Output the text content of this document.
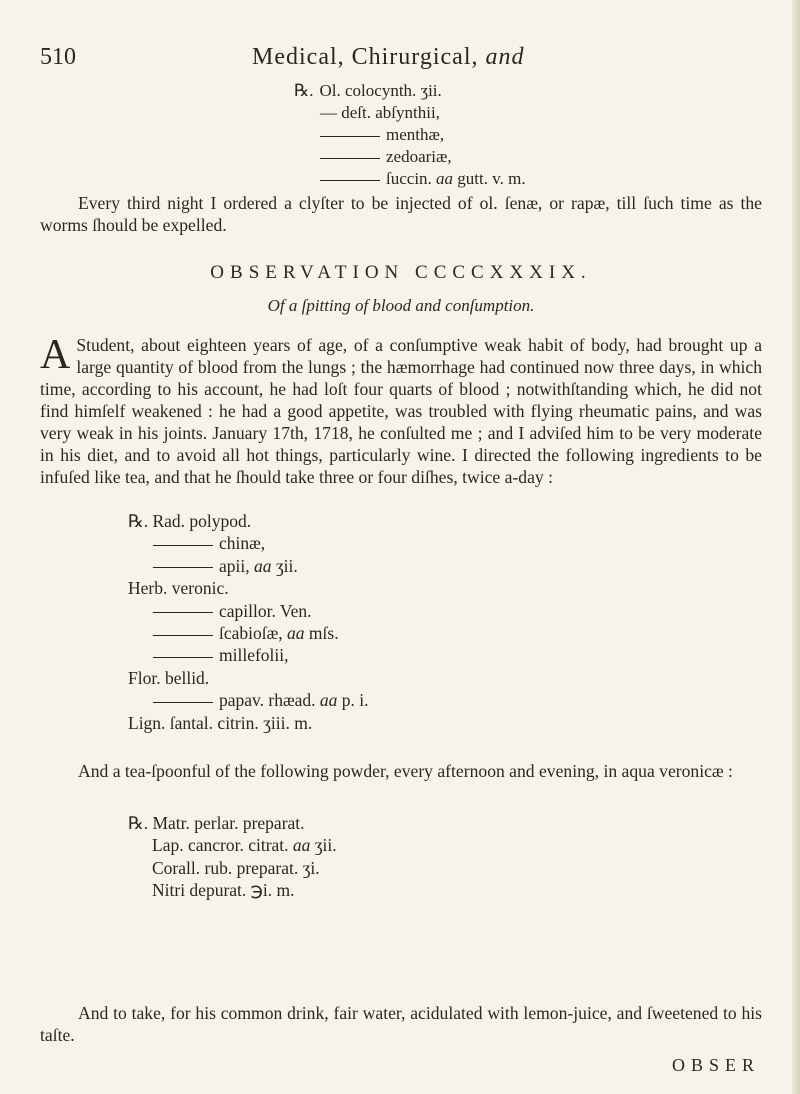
510	Medical, Chirurgical, and
℞. Ol. colocynth. ʒii.
— deſt. abſynthii,
menthæ,
zedoariæ,
ſuccin. aa gutt. v. m.
Every third night I ordered a clyſter to be injected of ol. ſenæ, or rapæ, till ſuch time as the worms ſhould be expelled.
OBSERVATION CCCCXXXIX.
Of a ſpitting of blood and conſumption.
A Student, about eighteen years of age, of a conſumptive weak habit of body, had brought up a large quantity of blood from the lungs ; the hæmorrhage had continued now three days, in which time, according to his account, he had loſt four quarts of blood ; notwithſtanding which, he did not find himſelf weakened : he had a good appetite, was troubled with flying rheumatic pains, and was very weak in his joints. January 17th, 1718, he conſulted me ; and I adviſed him to be very moderate in his diet, and to avoid all hot things, particularly wine. I directed the following ingredients to be infuſed like tea, and that he ſhould take three or four diſhes, twice a-day :
℞. Rad. polypod.
chinæ,
apii, aa ʒii.
Herb. veronic.
capillor. Ven.
ſcabioſæ, aa mſs.
millefolii,
Flor. bellid.
papav. rhæad. aa p. i.
Lign. ſantal. citrin. ʒiii. m.
And a tea-ſpoonful of the following powder, every afternoon and evening, in aqua veronicæ :
℞. Matr. perlar. preparat.
Lap. cancror. citrat. aa ʒii.
Corall. rub. preparat. ʒi.
Nitri depurat. ℈i. m.
And to take, for his common drink, fair water, acidulated with lemon-juice, and ſweetened to his taſte.
OBSER
